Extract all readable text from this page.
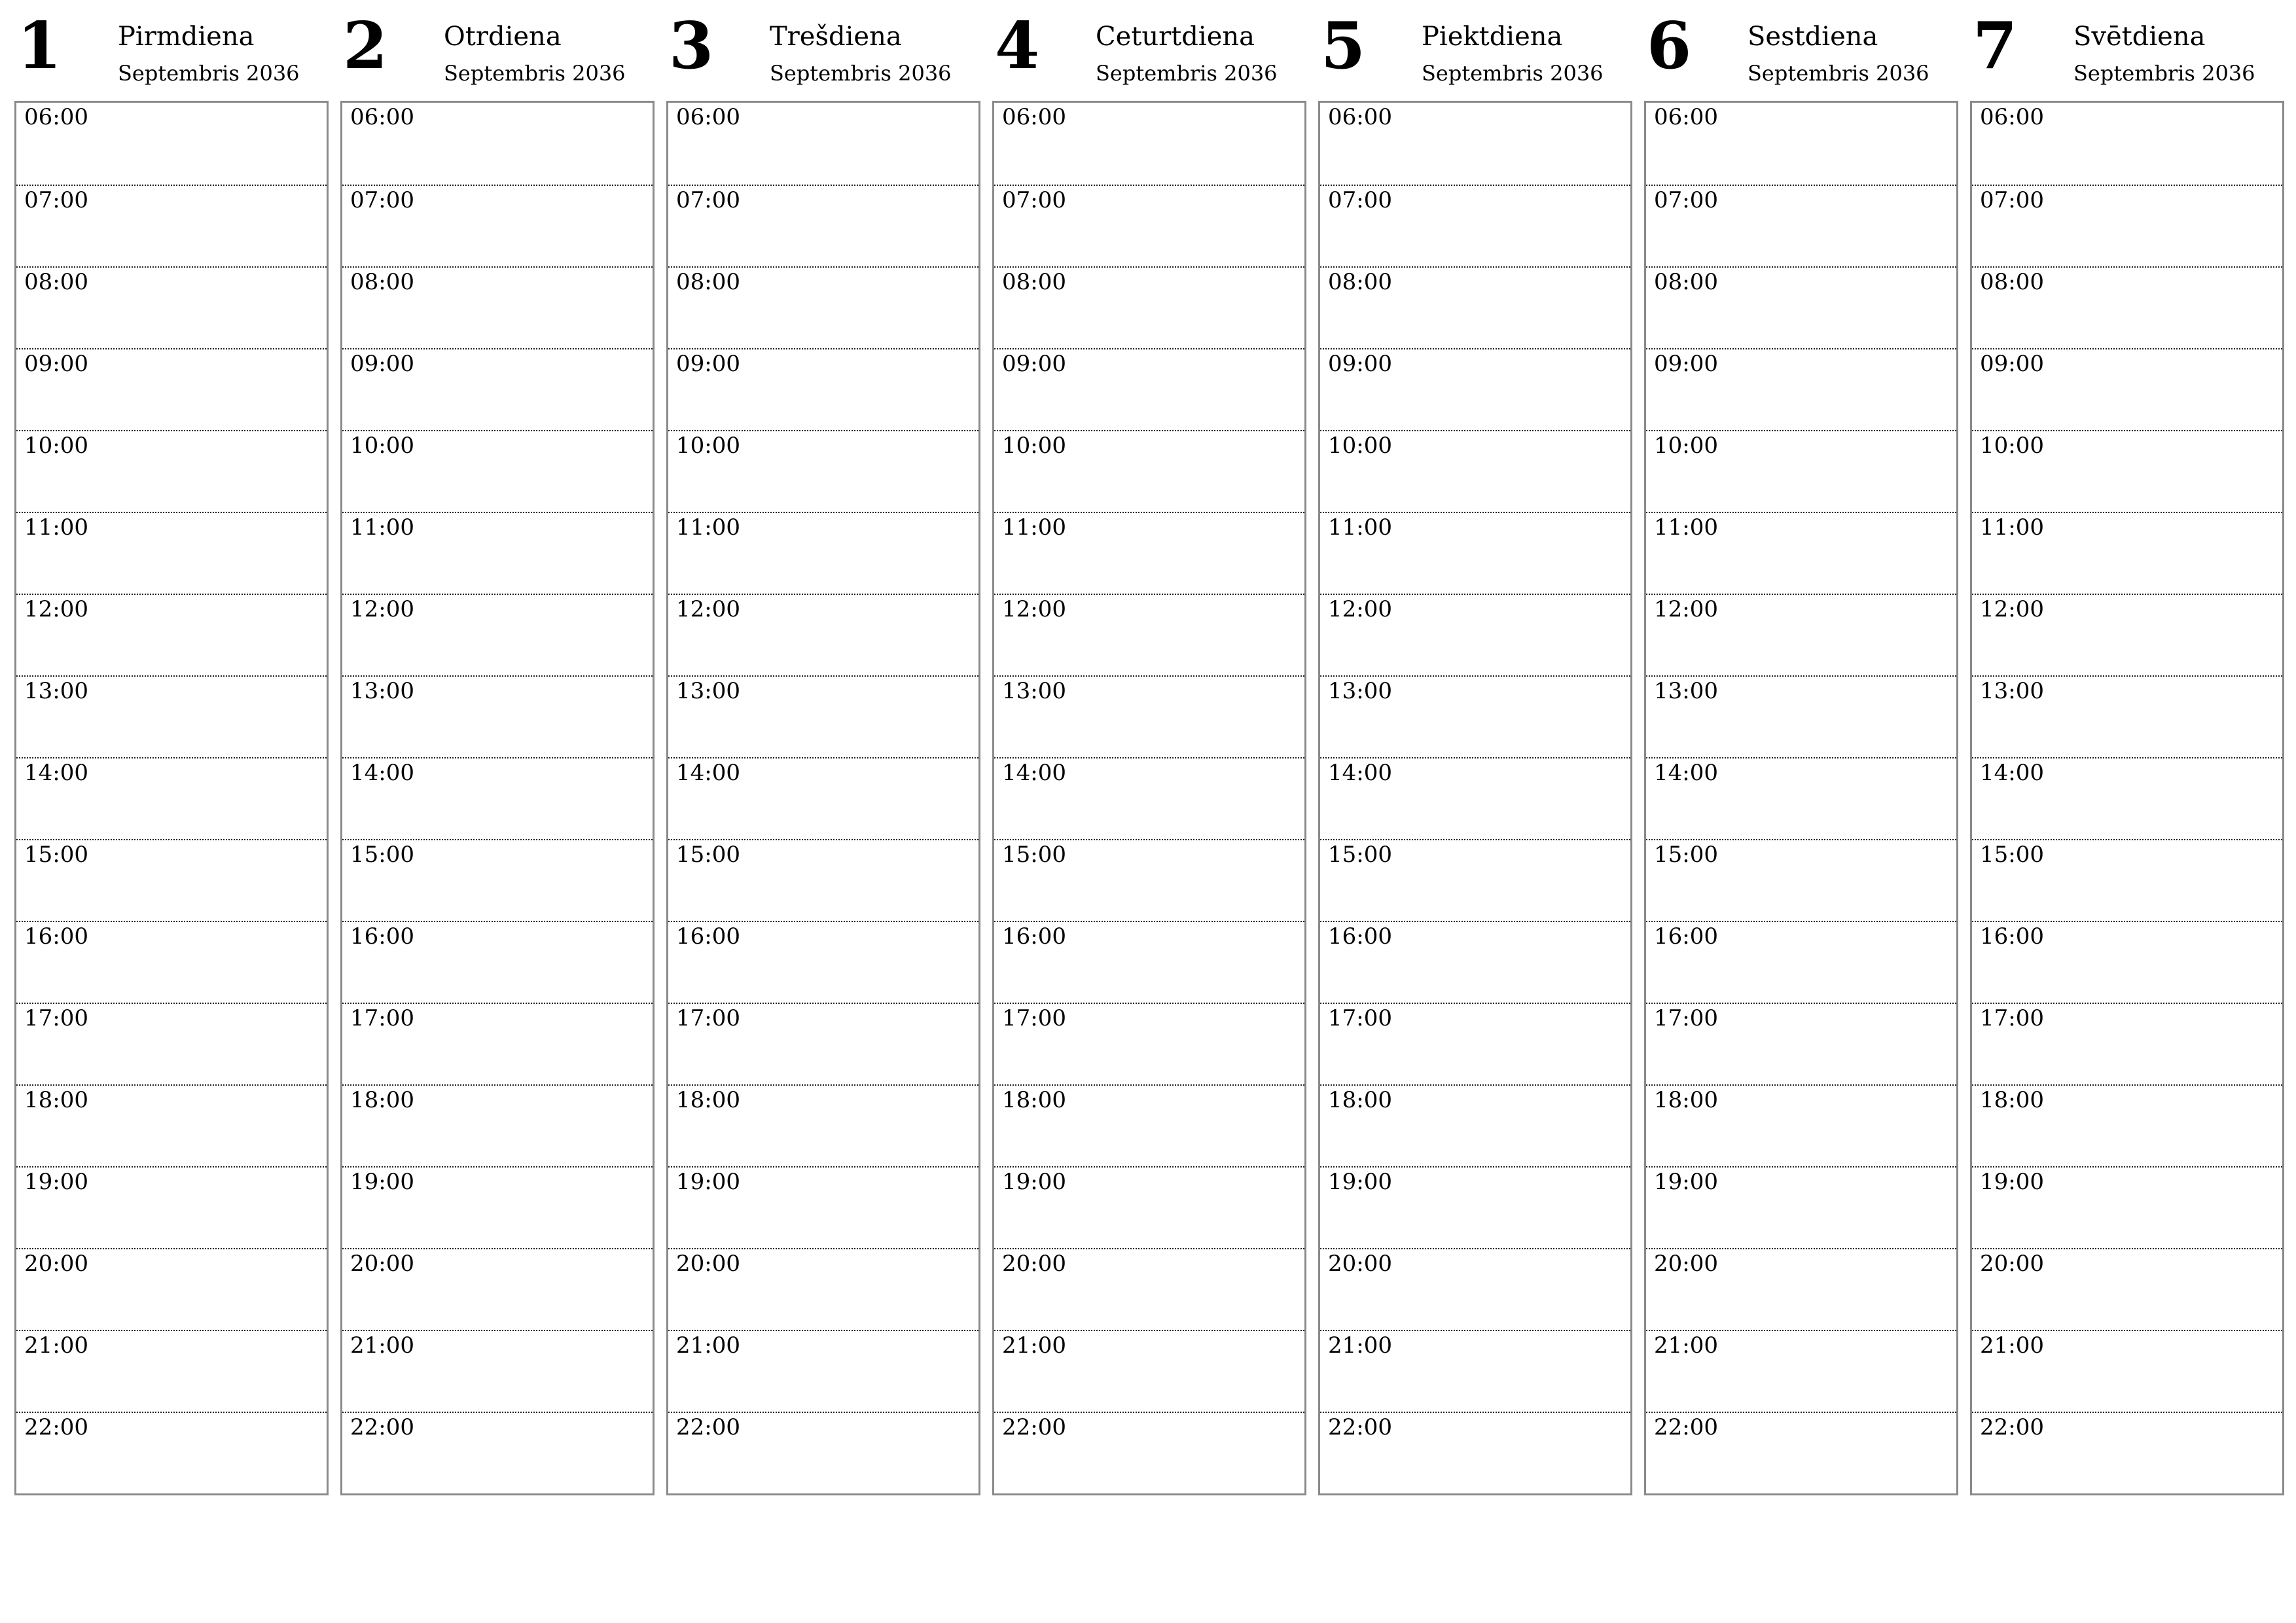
1 Pirmdiena
Septembris 2036
06:00
07:00
08:00
09:00
10:00
11:00
12:00
13:00
14:00
15:00
16:00
17:00
18:00
19:00
20:00
21:00
22:00
2 Otrdiena
Septembris 2036
06:00
07:00
08:00
09:00
10:00
11:00
12:00
13:00
14:00
15:00
16:00
17:00
18:00
19:00
20:00
21:00
22:00
3 Trešdiena
Septembris 2036
06:00
07:00
08:00
09:00
10:00
11:00
12:00
13:00
14:00
15:00
16:00
17:00
18:00
19:00
20:00
21:00
22:00
4 Ceturtdiena
Septembris 2036
06:00
07:00
08:00
09:00
10:00
11:00
12:00
13:00
14:00
15:00
16:00
17:00
18:00
19:00
20:00
21:00
22:00
5 Piektdiena
Septembris 2036
06:00
07:00
08:00
09:00
10:00
11:00
12:00
13:00
14:00
15:00
16:00
17:00
18:00
19:00
20:00
21:00
22:00
6 Sestdiena
Septembris 2036
06:00
07:00
08:00
09:00
10:00
11:00
12:00
13:00
14:00
15:00
16:00
17:00
18:00
19:00
20:00
21:00
22:00
7 Svētdiena
Septembris 2036
06:00
07:00
08:00
09:00
10:00
11:00
12:00
13:00
14:00
15:00
16:00
17:00
18:00
19:00
20:00
21:00
22:00
